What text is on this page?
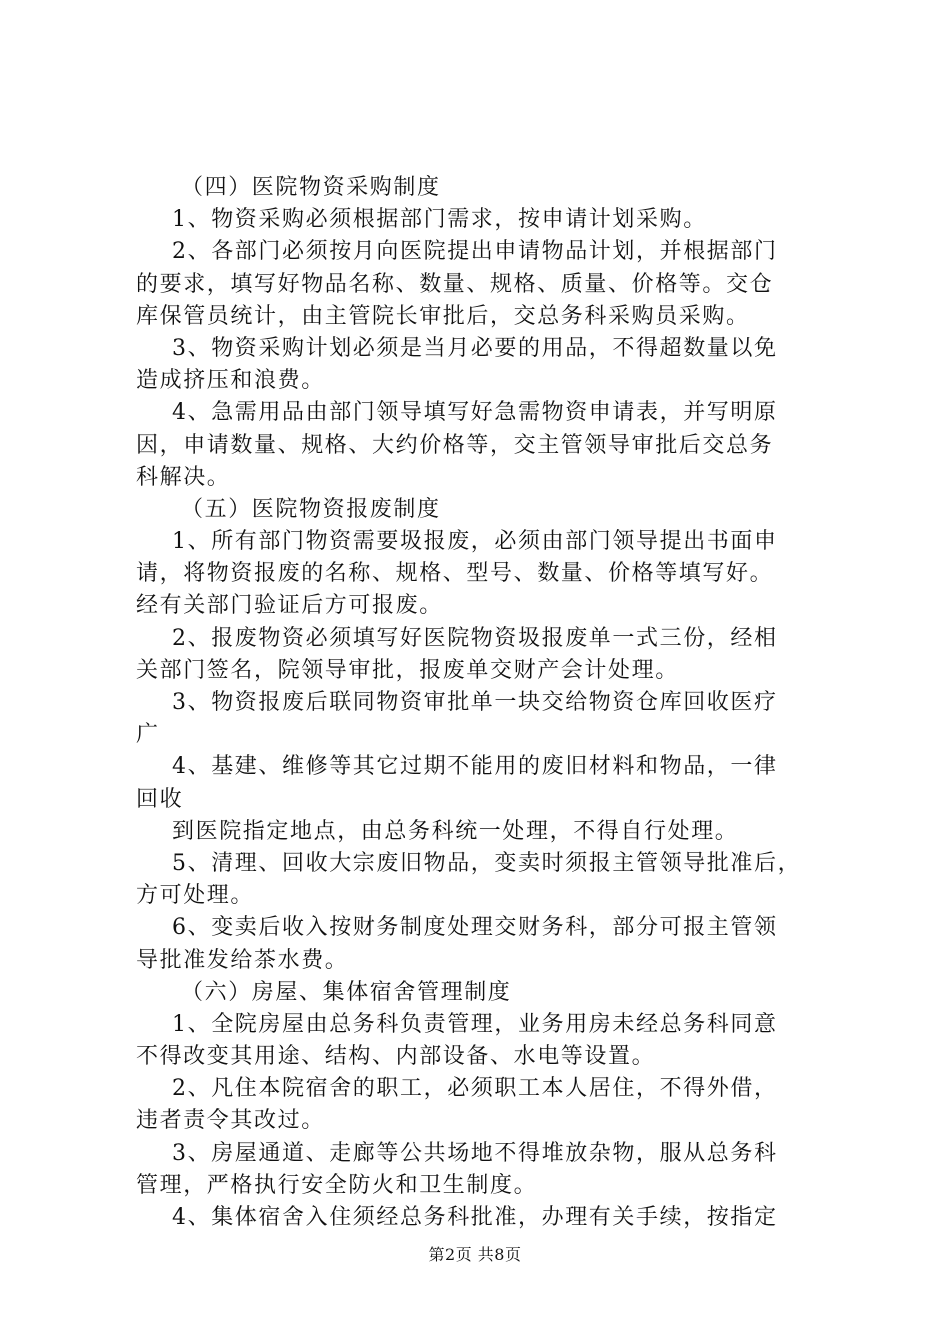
（四）医院物资采购制度
1、物资采购必须根据部门需求，按申请计划采购。
2、各部门必须按月向医院提出申请物品计划，并根据部门
的要求，填写好物品名称、数量、规格、质量、价格等。交仓
库保管员统计，由主管院长审批后，交总务科采购员采购。
3、物资采购计划必须是当月必要的用品，不得超数量以免
造成挤压和浪费。
4、急需用品由部门领导填写好急需物资申请表，并写明原
因，申请数量、规格、大约价格等，交主管领导审批后交总务
科解决。
（五）医院物资报废制度
1、所有部门物资需要圾报废，必须由部门领导提出书面申
请，将物资报废的名称、规格、型号、数量、价格等填写好。
经有关部门验证后方可报废。
2、报废物资必须填写好医院物资圾报废单一式三份，经相
关部门签名，院领导审批，报废单交财产会计处理。
3、物资报废后联同物资审批单一块交给物资仓库回收医疗
广
4、基建、维修等其它过期不能用的废旧材料和物品，一律
回收
到医院指定地点，由总务科统一处理，不得自行处理。
5、清理、回收大宗废旧物品，变卖时须报主管领导批准后，
方可处理。
6、变卖后收入按财务制度处理交财务科，部分可报主管领
导批准发给茶水费。
（六）房屋、集体宿舍管理制度
1、全院房屋由总务科负责管理，业务用房未经总务科同意
不得改变其用途、结构、内部设备、水电等设置。
2、凡住本院宿舍的职工，必须职工本人居住，不得外借，
违者责令其改过。
3、房屋通道、走廊等公共场地不得堆放杂物，服从总务科
管理，严格执行安全防火和卫生制度。
4、集体宿舍入住须经总务科批准，办理有关手续，按指定
第2页 共8页
